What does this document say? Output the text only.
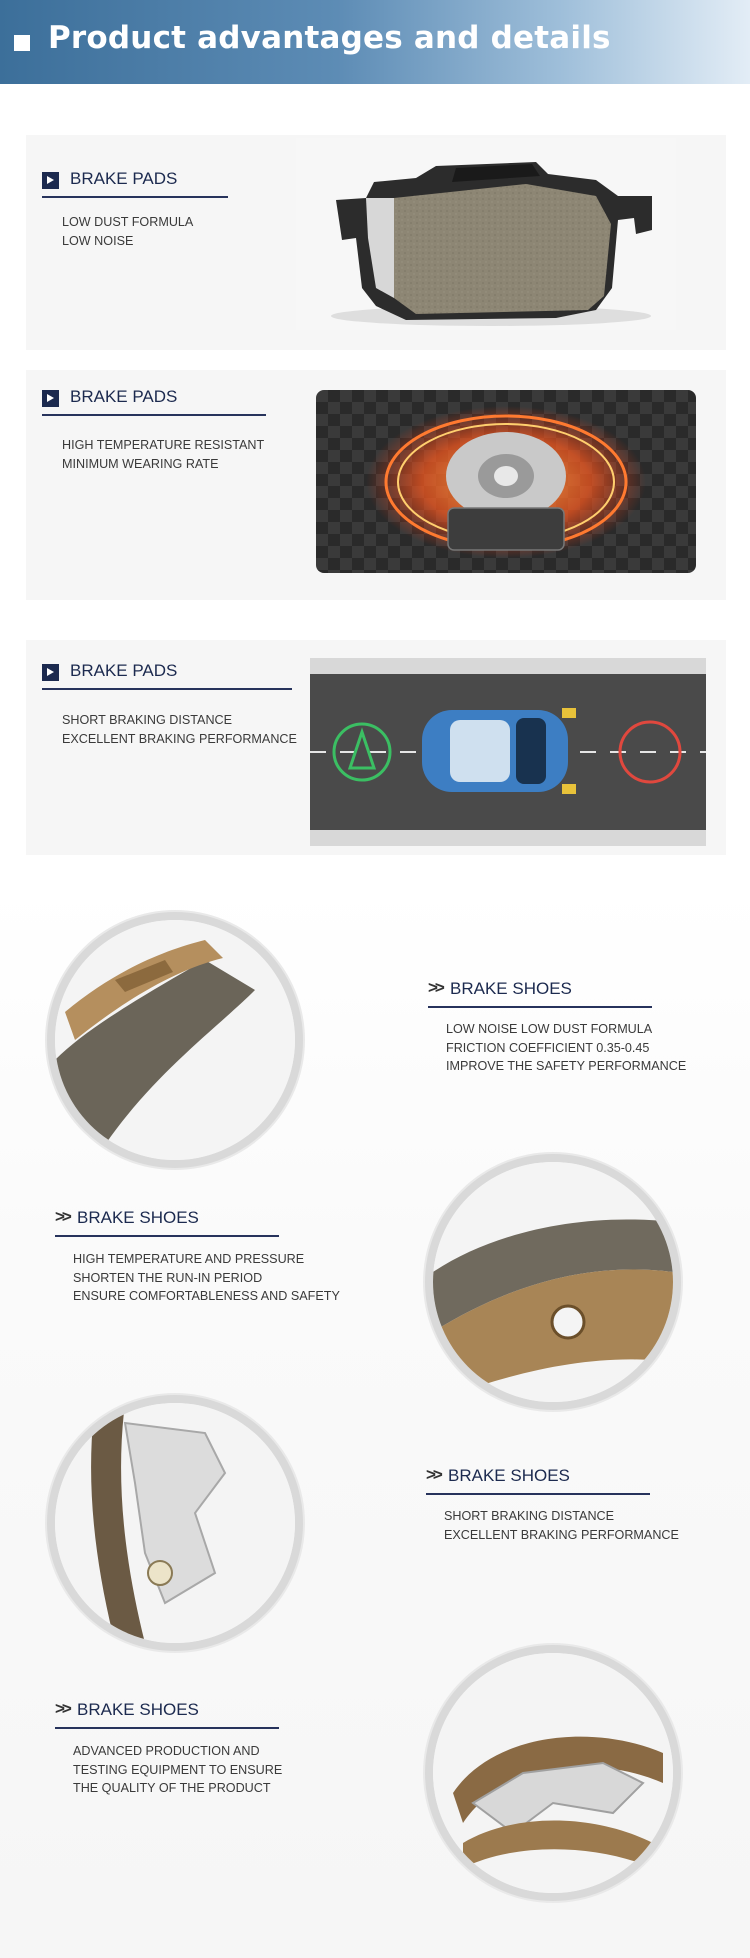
Product advantages and details
BRAKE PADS
LOW DUST FORMULA
LOW NOISE
BRAKE PADS
HIGH TEMPERATURE RESISTANT
MINIMUM WEARING RATE
BRAKE PADS
SHORT BRAKING DISTANCE
EXCELLENT BRAKING PERFORMANCE
>> BRAKE SHOES
LOW NOISE LOW DUST FORMULA
FRICTION COEFFICIENT 0.35-0.45
IMPROVE THE SAFETY PERFORMANCE
>> BRAKE SHOES
HIGH TEMPERATURE AND PRESSURE
SHORTEN THE RUN-IN PERIOD
ENSURE COMFORTABLENESS AND SAFETY
>> BRAKE SHOES
SHORT BRAKING DISTANCE
EXCELLENT BRAKING PERFORMANCE
>> BRAKE SHOES
ADVANCED PRODUCTION AND
TESTING EQUIPMENT TO ENSURE
THE QUALITY OF THE PRODUCT
